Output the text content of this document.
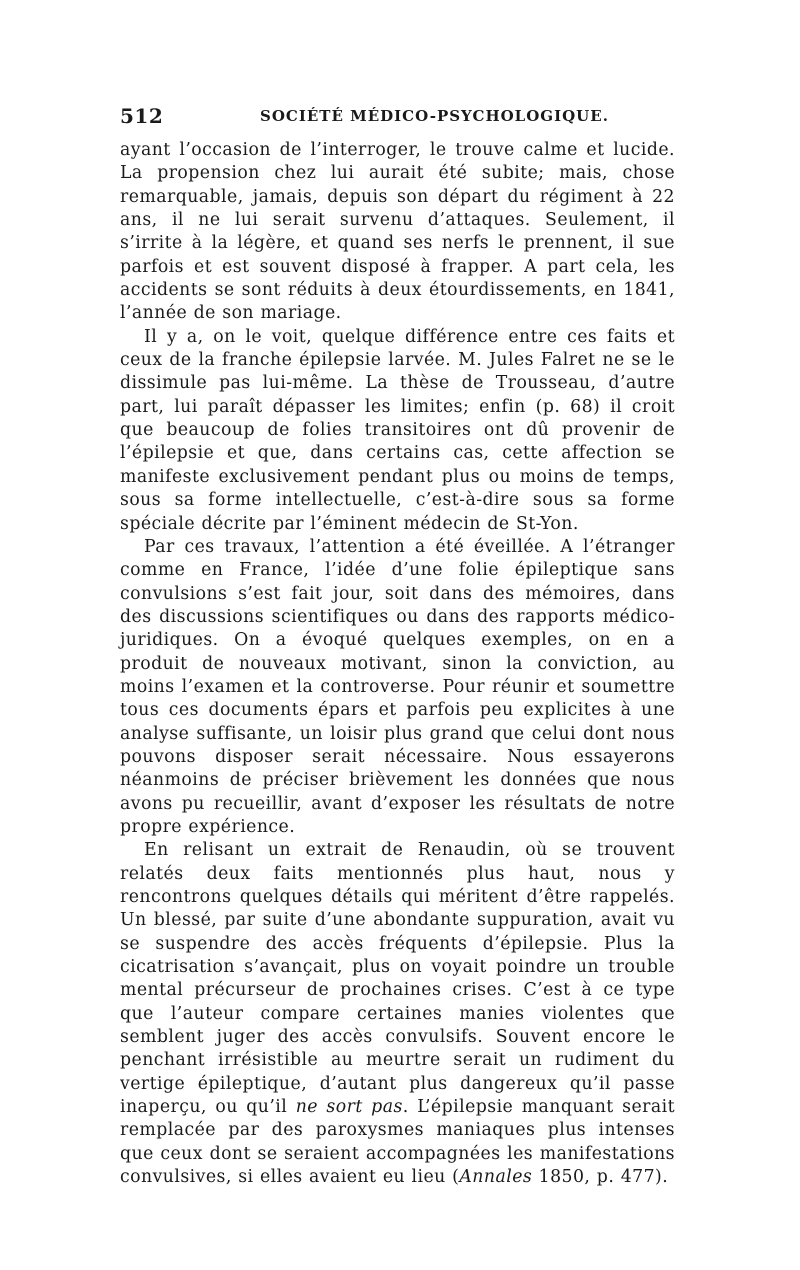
512	SOCIÉTÉ MÉDICO-PSYCHOLOGIQUE.

ayant l’occasion de l’interroger, le trouve calme et lucide. La propension chez lui aurait été subite; mais, chose remarquable, jamais, depuis son départ du régiment à 22 ans, il ne lui serait survenu d’attaques. Seulement, il s’irrite à la légère, et quand ses nerfs le prennent, il sue parfois et est souvent disposé à frapper. A part cela, les accidents se sont réduits à deux étourdissements, en 1841, l’année de son mariage.

Il y a, on le voit, quelque différence entre ces faits et ceux de la franche épilepsie larvée. M. Jules Falret ne se le dissimule pas lui-même. La thèse de Trousseau, d’autre part, lui paraît dépasser les limites; enfin (p. 68) il croit que beaucoup de folies transitoires ont dû provenir de l’épilepsie et que, dans certains cas, cette affection se manifeste exclusivement pendant plus ou moins de temps, sous sa forme intellectuelle, c’est-à-dire sous sa forme spéciale décrite par l’éminent médecin de St-Yon.

Par ces travaux, l’attention a été éveillée. A l’étranger comme en France, l’idée d’une folie épileptique sans convulsions s’est fait jour, soit dans des mémoires, dans des discussions scientifiques ou dans des rapports médico-juridiques. On a évoqué quelques exemples, on en a produit de nouveaux motivant, sinon la conviction, au moins l’examen et la controverse. Pour réunir et soumettre tous ces documents épars et parfois peu explicites à une analyse suffisante, un loisir plus grand que celui dont nous pouvons disposer serait nécessaire. Nous essayerons néanmoins de préciser brièvement les données que nous avons pu recueillir, avant d’exposer les résultats de notre propre expérience.

En relisant un extrait de Renaudin, où se trouvent relatés deux faits mentionnés plus haut, nous y rencontrons quelques détails qui méritent d’être rappelés. Un blessé, par suite d’une abondante suppuration, avait vu se suspendre des accès fréquents d’épilepsie. Plus la cicatrisation s’avançait, plus on voyait poindre un trouble mental précurseur de prochaines crises. C’est à ce type que l’auteur compare certaines manies violentes que semblent juger des accès convulsifs. Souvent encore le penchant irrésistible au meurtre serait un rudiment du vertige épileptique, d’autant plus dangereux qu’il passe inaperçu, ou qu’il ne sort pas. L’épilepsie manquant serait remplacée par des paroxysmes maniaques plus intenses que ceux dont se seraient accompagnées les manifestations convulsives, si elles avaient eu lieu (Annales 1850, p. 477).
